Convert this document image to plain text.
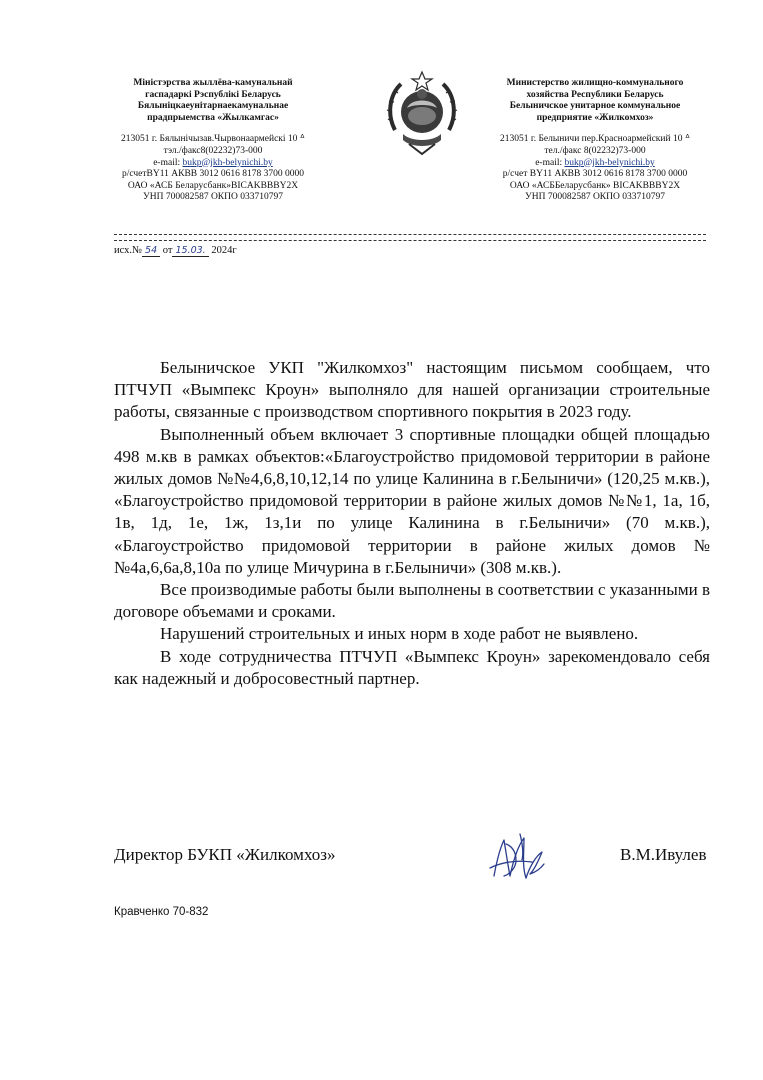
Міністэрства жыллёва-камунальнай
гаспадаркі Рэспублікі Беларусь
Бялыніцкаеунітарнаекамунальнае
прадпрыемства «Жылкамгас»
213051 г. Бялынічызав.Чырвонаармейскі 10 ᐞ
тэл./факс8(02232)73-000
e-mail: bukp@jkh-belynichi.by
р/счетBY11 АКВВ 3012 0616 8178 3700 0000
ОАО «АСБ Беларусбанк»BICAKBBBY2X
УНП 700082587 ОКПО 033710797
Министерство жилищно-коммунального
хозяйства Республики Беларусь
Белыничское унитарное коммунальное
предприятие «Жилкомхоз»
213051 г. Белыничи пер.Красноармейский 10 ᐞ
тел./факс 8(02232)73-000
e-mail: bukp@jkh-belynichi.by
р/счет BY11 АКВВ 3012 0616 8178 3700 0000
ОАО «АСББеларусбанк» BICAKBBBY2X
УНП 700082587 ОКПО 033710797
исх.№ 54 от 15.03. 2024г

Белыничское УКП "Жилкомхоз" настоящим письмом сообщаем, что ПТЧУП «Вымпекс Кроун» выполняло для нашей организации строительные работы, связанные с производством спортивного покрытия в 2023 году.

Выполненный объем включает 3 спортивные площадки общей площадью 498 м.кв в рамках объектов:«Благоустройство придомовой территории в районе жилых домов №№4,6,8,10,12,14 по улице Калинина в г.Белыничи» (120,25 м.кв.), «Благоустройство придомовой территории в районе жилых домов №№1, 1а, 1б, 1в, 1д, 1е, 1ж, 1з,1и по улице Калинина в г.Белыничи» (70 м.кв.), «Благоустройство придомовой территории в районе жилых домов №№4а,6,6а,8,10а по улице Мичурина в г.Белыничи» (308 м.кв.).

Все производимые работы были выполнены в соответствии с указанными в договоре объемами и сроками.

Нарушений строительных и иных норм в ходе работ не выявлено.

В ходе сотрудничества ПТЧУП «Вымпекс Кроун» зарекомендовало себя как надежный и добросовестный партнер.

Директор БУКП «Жилкомхоз»	В.М.Ивулев
Кравченко 70-832
